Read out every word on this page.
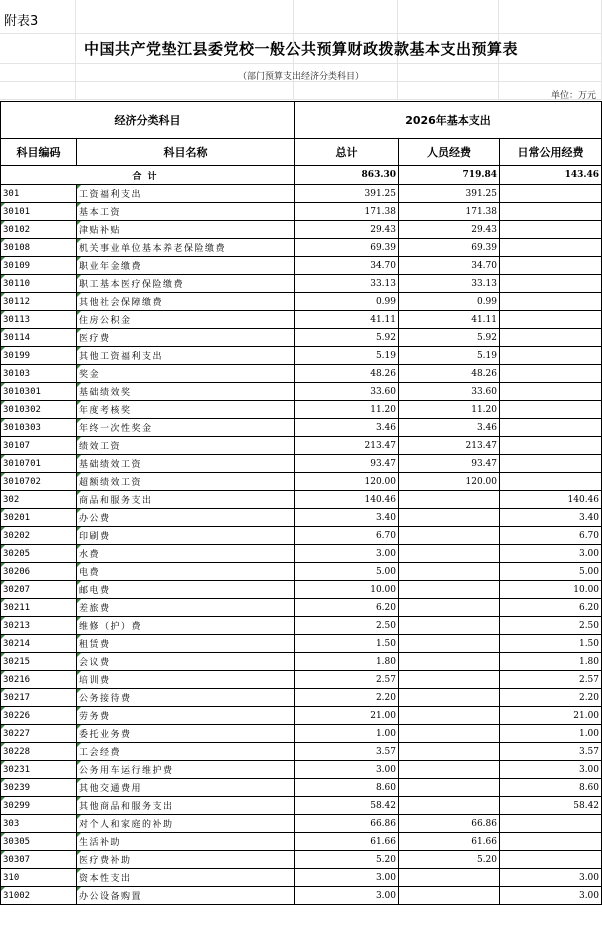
附表3
中国共产党垫江县委党校一般公共预算财政拨款基本支出预算表
（部门预算支出经济分类科目）
单位：万元
经济分类科目		2026年基本支出		
科目编码	科目名称	总计	人员经费	日常公用经费
合计		863.30	719.84	143.46
301	工资福利支出	391.25	391.25	

30101	基本工资	171.38	171.38	

30102	津贴补贴	29.43	29.43	

30108	机关事业单位基本养老保险缴费	69.39	69.39	

30109	职业年金缴费	34.70	34.70	

30110	职工基本医疗保险缴费	33.13	33.13	

30112	其他社会保障缴费	0.99	0.99	

30113	住房公积金	41.11	41.11	

30114	医疗费	5.92	5.92	

30199	其他工资福利支出	5.19	5.19	
30103	奖金	48.26	48.26	

3010301	基础绩效奖	33.60	33.60	

3010302	年度考核奖	11.20	11.20	

3010303	年终一次性奖金	3.46	3.46	
30107	绩效工资	213.47	213.47	

3010701	基础绩效工资	93.47	93.47	

3010702	超额绩效工资	120.00	120.00	
302	商品和服务支出	140.46		140.46

30201	办公费	3.40		3.40

30202	印刷费	6.70		6.70

30205	水费	3.00		3.00

30206	电费	5.00		5.00

30207	邮电费	10.00		10.00

30211	差旅费	6.20		6.20

30213	维修（护）费	2.50		2.50

30214	租赁费	1.50		1.50

30215	会议费	1.80		1.80

30216	培训费	2.57		2.57

30217	公务接待费	2.20		2.20

30226	劳务费	21.00		21.00

30227	委托业务费	1.00		1.00

30228	工会经费	3.57		3.57

30231	公务用车运行维护费	3.00		3.00

30239	其他交通费用	8.60		8.60

30299	其他商品和服务支出	58.42		58.42
303	对个人和家庭的补助	66.86	66.86	

30305	生活补助	61.66	61.66	

30307	医疗费补助	5.20	5.20	
310	资本性支出	3.00		3.00

31002	办公设备购置	3.00		3.00
